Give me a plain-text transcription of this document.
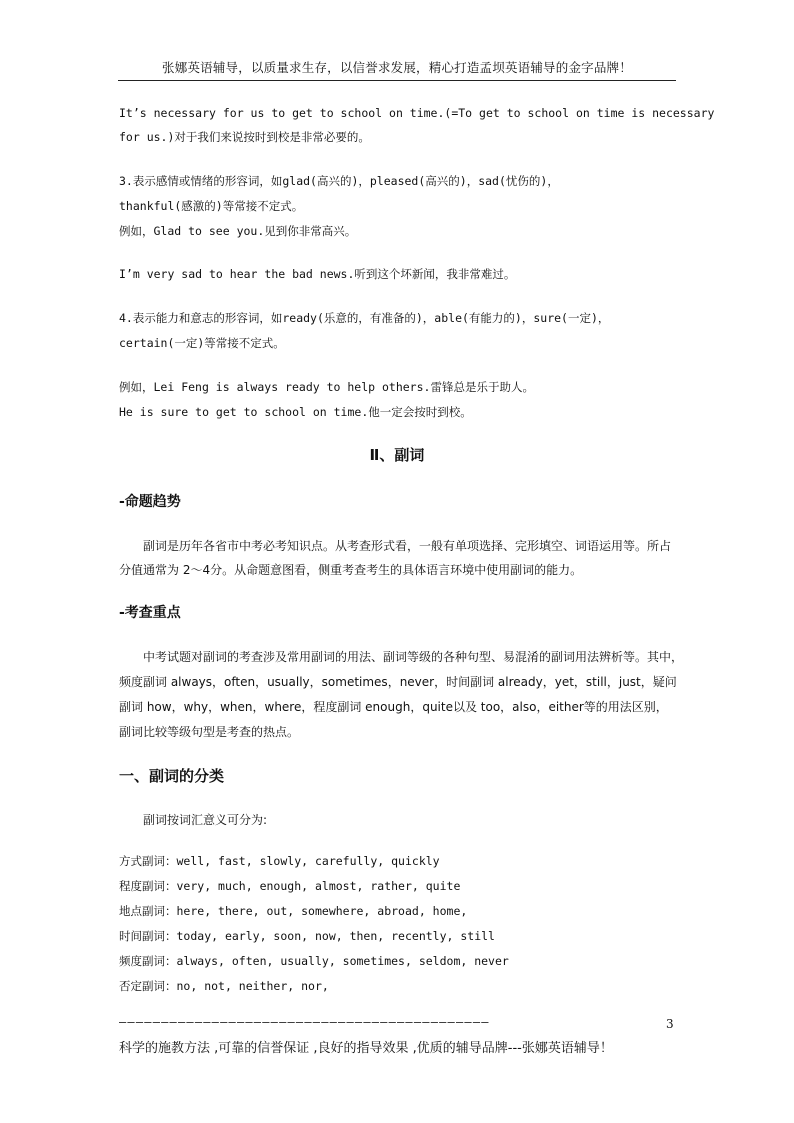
张娜英语辅导，以质量求生存，以信誉求发展，精心打造孟坝英语辅导的金字品牌！
It’s necessary for us to get to school on time.(=To get to school on time is necessary
for us.)对于我们来说按时到校是非常必要的。
3.表示感情或情绪的形容词，如glad(高兴的)，pleased(高兴的)，sad(忧伤的)，
thankful(感激的)等常接不定式。
例如，Glad to see you.见到你非常高兴。
I’m very sad to hear the bad news.听到这个坏新闻，我非常难过。
4.表示能力和意志的形容词，如ready(乐意的，有准备的)，able(有能力的)，sure(一定)，
certain(一定)等常接不定式。
例如，Lei Feng is always ready to help others.雷锋总是乐于助人。
He is sure to get to school on time.他一定会按时到校。
Ⅱ、副词
-命题趋势
副词是历年各省市中考必考知识点。从考查形式看，一般有单项选择、完形填空、词语运用等。所占
分值通常为 2～4分。从命题意图看，侧重考查考生的具体语言环境中使用副词的能力。
-考查重点
中考试题对副词的考查涉及常用副词的用法、副词等级的各种句型、易混淆的副词用法辨析等。其中，
频度副词 always，often，usually，sometimes，never，时间副词 already，yet，still，just，疑问
副词 how，why，when，where，程度副词 enough，quite以及 too，also，either等的用法区别，
副词比较等级句型是考查的热点。
一、副词的分类
副词按词汇意义可分为:
方式副词：well, fast, slowly, carefully, quickly
程度副词：very, much, enough, almost, rather, quite
地点副词：here, there, out, somewhere, abroad, home,
时间副词：today, early, soon, now, then, recently, still
频度副词：always, often, usually, sometimes, seldom, never
否定副词：no, not, neither, nor,
————————————————————————————————————————————	3
科学的施教方法 ,可靠的信誉保证 ,良好的指导效果 ,优质的辅导品牌---张娜英语辅导！
